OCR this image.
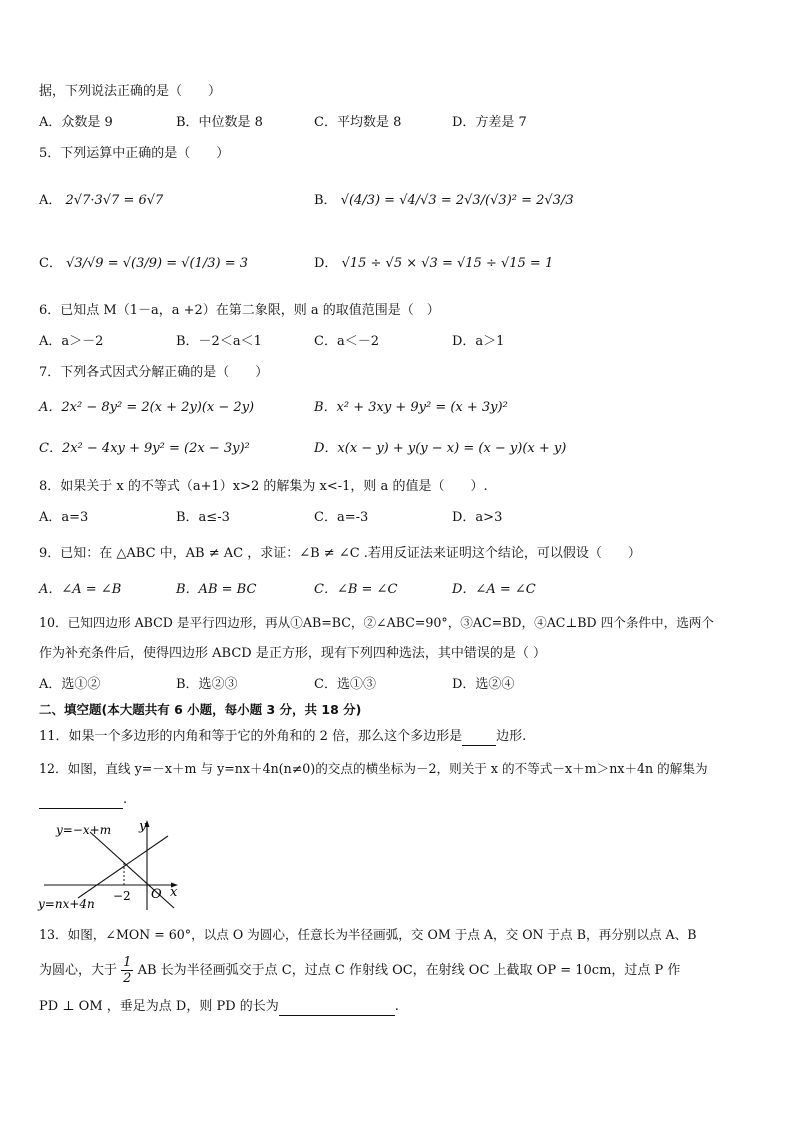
据，下列说法正确的是（　　）
A．众数是 9	B．中位数是 8	C．平均数是 8	D．方差是 7
5．下列运算中正确的是（　　）
A． 2√7·3√7 = 6√7	B． √(4/3) = √4/√3 = 2√3/(√3)² = 2√3/3
C． √3/√9 = √(3/9) = √(1/3) = 3	D． √15 ÷ √5 × √3 = √15 ÷ √15 = 1
6．已知点 M（1－a，a +2）在第二象限，则 a 的取值范围是（　）
A．a＞－2	B．－2＜a＜1	C．a＜－2	D．a＞1
7．下列各式因式分解正确的是（　　）
A．2x² − 8y² = 2(x + 2y)(x − 2y)	B．x² + 3xy + 9y² = (x + 3y)²
C．2x² − 4xy + 9y² = (2x − 3y)²	D．x(x − y) + y(y − x) = (x − y)(x + y)
8．如果关于 x 的不等式（a+1）x>2 的解集为 x<-1，则 a 的值是（　　）.
A．a=3	B．a≤-3	C．a=-3	D．a>3
9．已知：在 △ABC 中，AB ≠ AC ，求证：∠B ≠ ∠C .若用反证法来证明这个结论，可以假设（　　）
A．∠A = ∠B	B．AB = BC	C．∠B = ∠C	D．∠A = ∠C
10．已知四边形 ABCD 是平行四边形，再从①AB=BC，②∠ABC=90°，③AC=BD，④AC⊥BD 四个条件中，选两个
作为补充条件后，使得四边形 ABCD 是正方形，现有下列四种选法，其中错误的是（ ）
A．选①②	B．选②③	C．选①③	D．选②④
二、填空题(本大题共有 6 小题，每小题 3 分，共 18 分)
11．如果一个多边形的内角和等于它的外角和的 2 倍，那么这个多边形是	边形.
12．如图，直线 y=－x＋m 与 y=nx＋4n(n≠0)的交点的横坐标为－2，则关于 x 的不等式－x＋m＞nx＋4n 的解集为
.
y=−x+m
y=nx+4n
y
x
O
−2
13．如图，∠MON = 60°，以点 O 为圆心，任意长为半径画弧，交 OM 于点 A，交 ON 于点 B，再分别以点 A、B
为圆心，大于 $\frac{1}{2}$ AB 长为半径画弧交于点 C，过点 C 作射线 OC，在射线 OC 上截取 OP = 10cm，过点 P 作
PD ⊥ OM ，垂足为点 D，则 PD 的长为	.
